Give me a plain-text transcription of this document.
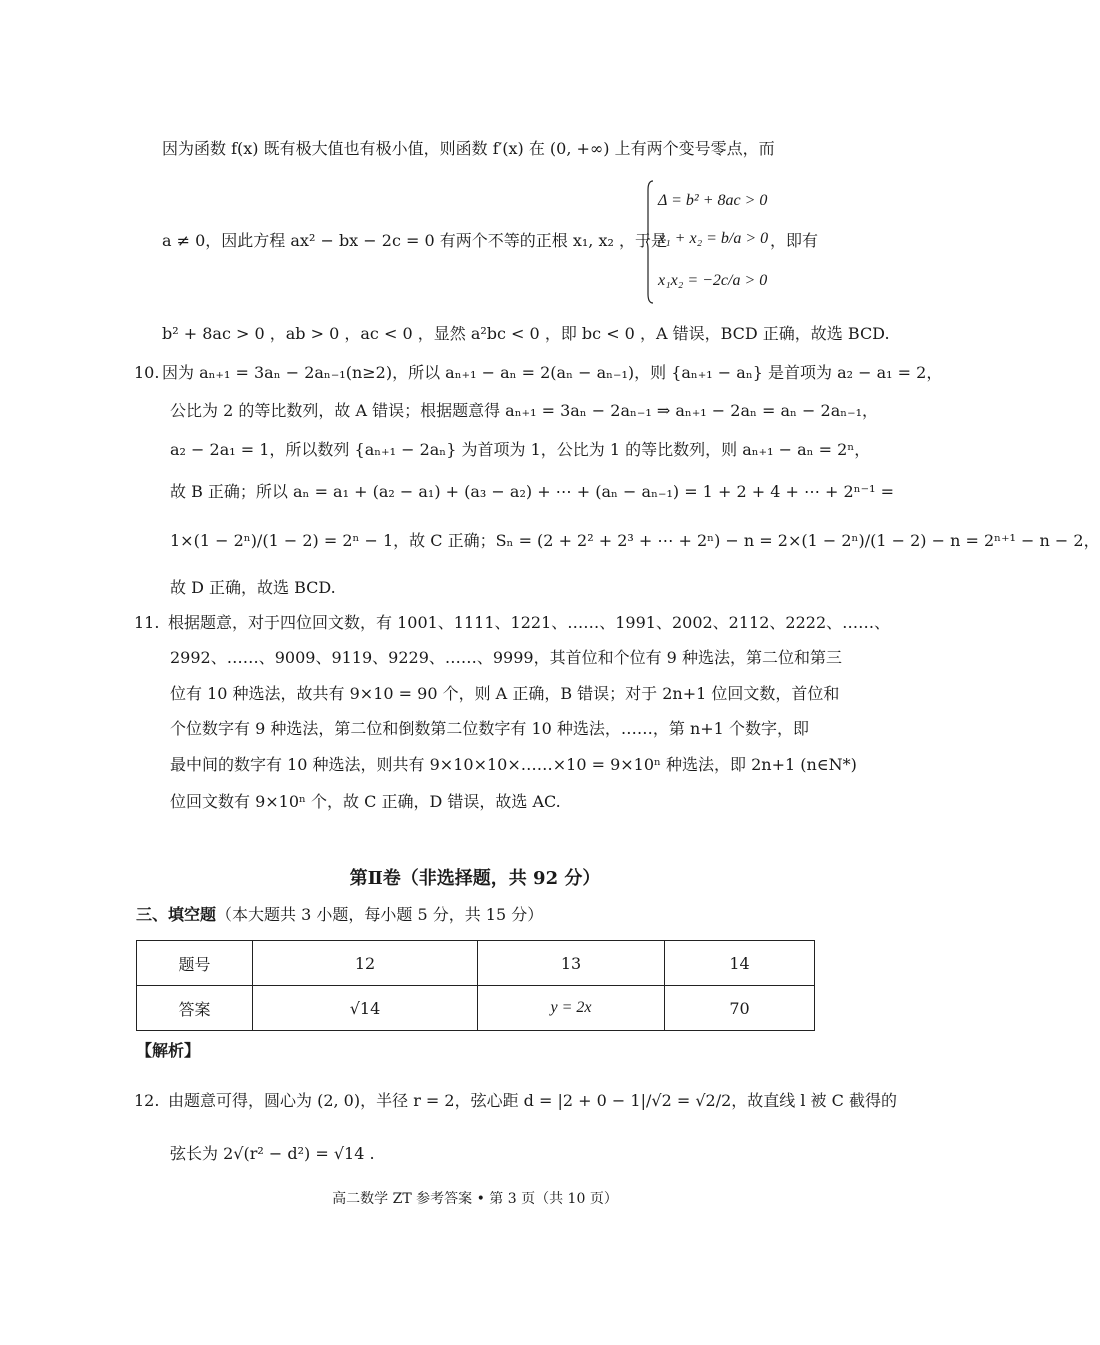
因为函数 f(x) 既有极大值也有极小值，则函数 f′(x) 在 (0, +∞) 上有两个变号零点，而
a ≠ 0，因此方程 ax² − bx − 2c = 0 有两个不等的正根 x₁, x₂ ，于是
Δ = b² + 8ac > 0
x₁ + x₂ = b/a > 0
x₁x₂ = −2c/a > 0
，即有
b² + 8ac > 0 ，ab > 0 ，ac < 0 ，显然 a²bc < 0 ，即 bc < 0 ，A 错误，BCD 正确，故选 BCD.
10. 因为 aₙ₊₁ = 3aₙ − 2aₙ₋₁(n≥2)，所以 aₙ₊₁ − aₙ = 2(aₙ − aₙ₋₁)，则 {aₙ₊₁ − aₙ} 是首项为 a₂ − a₁ = 2，
公比为 2 的等比数列，故 A 错误；根据题意得 aₙ₊₁ = 3aₙ − 2aₙ₋₁ ⇒ aₙ₊₁ − 2aₙ = aₙ − 2aₙ₋₁，
a₂ − 2a₁ = 1，所以数列 {aₙ₊₁ − 2aₙ} 为首项为 1，公比为 1 的等比数列，则 aₙ₊₁ − aₙ = 2ⁿ，
故 B 正确；所以 aₙ = a₁ + (a₂ − a₁) + (a₃ − a₂) + ⋯ + (aₙ − aₙ₋₁) = 1 + 2 + 4 + ⋯ + 2ⁿ⁻¹ =
1×(1 − 2ⁿ)/(1 − 2) = 2ⁿ − 1，故 C 正确；Sₙ = (2 + 2² + 2³ + ⋯ + 2ⁿ) − n = 2×(1 − 2ⁿ)/(1 − 2) − n = 2ⁿ⁺¹ − n − 2，
故 D 正确，故选 BCD.
11. 根据题意，对于四位回文数，有 1001、1111、1221、……、1991、2002、2112、2222、……、
2992、……、9009、9119、9229、……、9999，其首位和个位有 9 种选法，第二位和第三
位有 10 种选法，故共有 9×10 = 90 个，则 A 正确，B 错误；对于 2n+1 位回文数，首位和
个位数字有 9 种选法，第二位和倒数第二位数字有 10 种选法，……，第 n+1 个数字，即
最中间的数字有 10 种选法，则共有 9×10×10×……×10 = 9×10ⁿ 种选法，即 2n+1 (n∈N*)
位回文数有 9×10ⁿ 个，故 C 正确，D 错误，故选 AC.
第Ⅱ卷（非选择题，共 92 分）
三、填空题（本大题共 3 小题，每小题 5 分，共 15 分）
题号	12	13	14
答案	√14	y = 2x	70
【解析】
12. 由题意可得，圆心为 (2, 0)，半径 r = 2，弦心距 d = |2 + 0 − 1|/√2 = √2/2，故直线 l 被 C 截得的
弦长为 2√(r² − d²) = √14 .
高二数学 ZT 参考答案 • 第 3 页（共 10 页）
